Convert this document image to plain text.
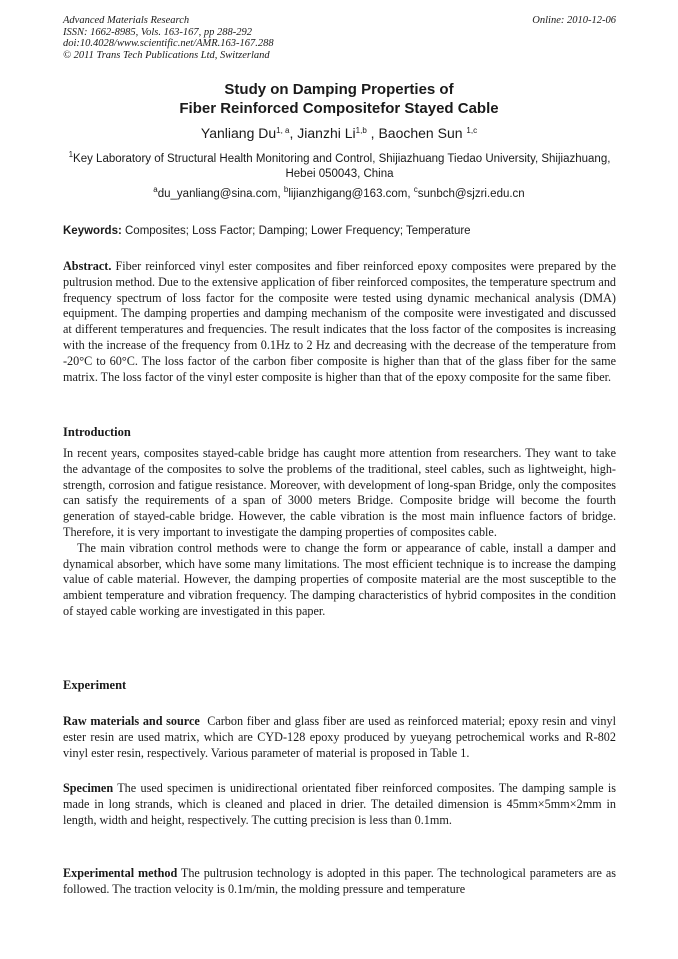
Advanced Materials Research
ISSN: 1662-8985, Vols. 163-167, pp 288-292
doi:10.4028/www.scientific.net/AMR.163-167.288
© 2011 Trans Tech Publications Ltd, Switzerland
Online: 2010-12-06
Study on Damping Properties of
Fiber Reinforced Compositefor Stayed Cable
Yanliang Du$^{1, a}$, Jianzhi Li$^{1,b}$ , Baochen Sun $^{1,c}$
$^1$Key Laboratory of Structural Health Monitoring and Control, Shijiazhuang Tiedao University, Shijiazhuang, Hebei 050043, China
$^a$du_yanliang@sina.com, $^b$lijianzhigang@163.com, $^c$sunbch@sjzri.edu.cn
Keywords: Composites; Loss Factor; Damping; Lower Frequency; Temperature

Abstract. Fiber reinforced vinyl ester composites and fiber reinforced epoxy composites were prepared by the pultrusion method. Due to the extensive application of fiber reinforced composites, the temperature spectrum and frequency spectrum of loss factor for the composite were tested using dynamic mechanical analysis (DMA) equipment. The damping properties and damping mechanism of the composite were investigated and discussed at different temperatures and frequencies. The result indicates that the loss factor of the composites is increasing with the increase of the frequency from 0.1Hz to 2 Hz and decreasing with the decrease of the temperature from -20°C to 60°C. The loss factor of the carbon fiber composite is higher than that of the glass fiber for the same matrix. The loss factor of the vinyl ester composite is higher than that of the epoxy composite for the same fiber.

Introduction

In recent years, composites stayed-cable bridge has caught more attention from researchers. They want to take the advantage of the composites to solve the problems of the traditional, steel cables, such as lightweight, high-strength, corrosion and fatigue resistance. Moreover, with development of long-span Bridge, only the composites can satisfy the requirements of a span of 3000 meters Bridge. Composite bridge will become the fourth generation of stayed-cable bridge. However, the cable vibration is the most main influence factors of bridge. Therefore, it is very important to investigate the damping properties of composites cable.

The main vibration control methods were to change the form or appearance of cable, install a damper and dynamical absorber, which have some many limitations. The most efficient technique is to increase the damping value of cable material. However, the damping properties of composite material are the most susceptible to the ambient temperature and vibration frequency. The damping characteristics of hybrid composites in the condition of stayed cable working are investigated in this paper.

Experiment

Raw materials and source Carbon fiber and glass fiber are used as reinforced material; epoxy resin and vinyl ester resin are used matrix, which are CYD-128 epoxy produced by yueyang petrochemical works and R-802 vinyl ester resin, respectively. Various parameter of material is proposed in Table 1.

Specimen The used specimen is unidirectional orientated fiber reinforced composites. The damping sample is made in long strands, which is cleaned and placed in drier. The detailed dimension is 45mm×5mm×2mm in length, width and height, respectively. The cutting precision is less than 0.1mm.

Experimental method The pultrusion technology is adopted in this paper. The technological parameters are as followed. The traction velocity is 0.1m/min, the molding pressure and temperature
